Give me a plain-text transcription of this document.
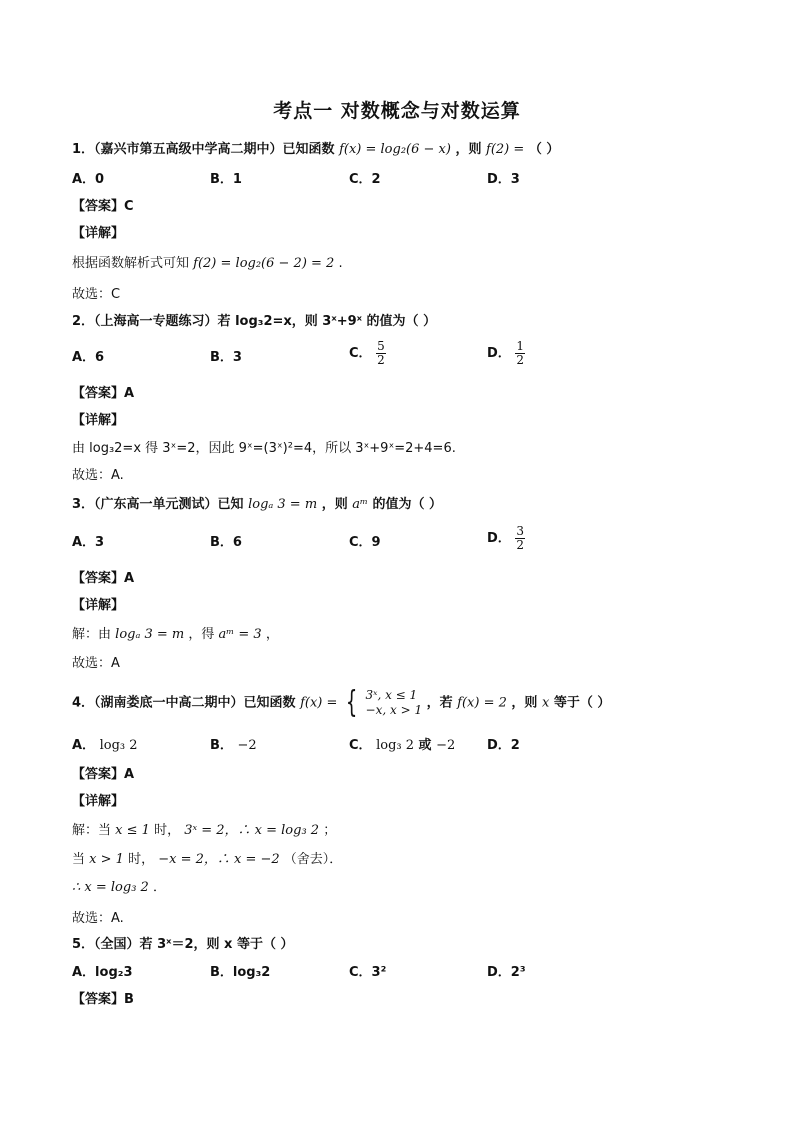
考点一 对数概念与对数运算
1．（嘉兴市第五高级中学高二期中）已知函数 f(x) = log₂(6 − x) ，则 f(2) = （ ）
A．0	B．1	C．2	D．3
【答案】C
【详解】
根据函数解析式可知 f(2) = log₂(6 − 2) = 2 .
故选：C
2．（上海高一专题练习）若 log₃2=x，则 3ˣ+9ˣ 的值为（ ）
A．6	B．3	C． $\frac{5}{2}$	D． $\frac{1}{2}$
【答案】A
【详解】
由 log₃2=x 得 3ˣ=2，因此 9ˣ=(3ˣ)²=4，所以 3ˣ+9ˣ=2+4=6.
故选：A.
3．（广东高一单元测试）已知 logₐ 3 = m ，则 aᵐ 的值为（ ）
A．3	B．6	C．9	D． $\frac{3}{2}$
【答案】A
【详解】
解：由 logₐ 3 = m ，得 aᵐ = 3 ，
故选：A
4．（湖南娄底一中高二期中）已知函数 f(x) = { 3ˣ, x ≤ 1
−x, x > 1 ，若 f(x) = 2 ，则 x 等于（ ）
A． log₃ 2	B． −2	C． log₃ 2 或 −2 D．2
【答案】A
【详解】
解：当 x ≤ 1 时， 3ˣ = 2，∴ x = log₃ 2 ；
当 x > 1 时， −x = 2，∴ x = −2 （舍去）．
∴ x = log₃ 2 ．
故选：A.
5．（全国）若 3ˣ＝2，则 x 等于（ ）
A．log₂3	B．log₃2	C．3²	D．2³
【答案】B
